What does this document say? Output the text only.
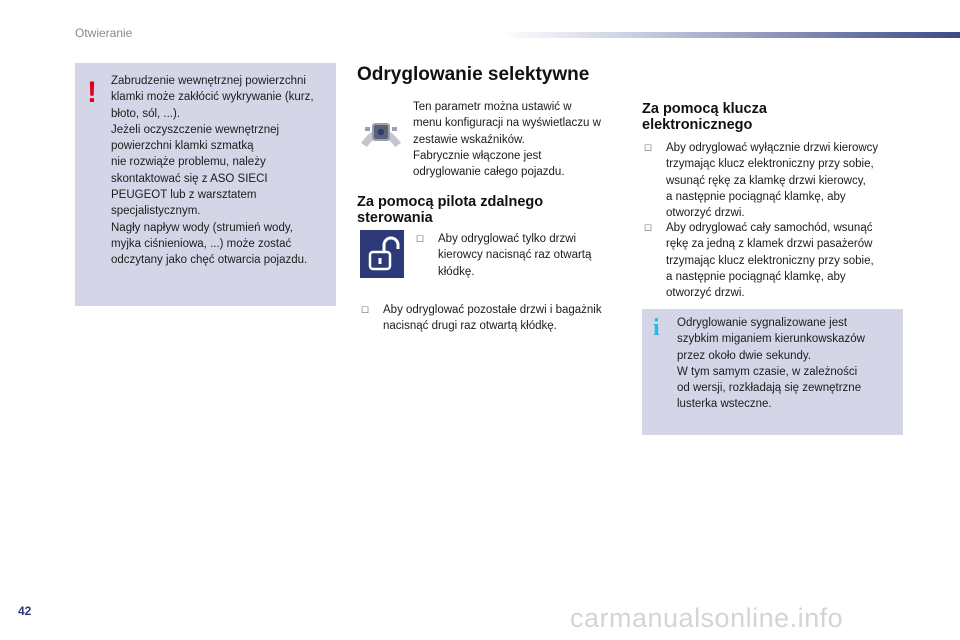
Otwieranie
! Zabrudzenie wewnętrznej powierzchni
klamki może zakłócić wykrywanie (kurz,
błoto, sól, ...).
Jeżeli oczyszczenie wewnętrznej
powierzchni klamki szmatką
nie rozwiąże problemu, należy
skontaktować się z ASO SIECI
PEUGEOT lub z warsztatem
specjalistycznym.
Nagły napływ wody (strumień wody,
myjka ciśnieniowa, ...) może zostać
odczytany jako chęć otwarcia pojazdu.
Odryglowanie selektywne
Ten parametr można ustawić w
menu konfiguracji na wyświetlaczu w
zestawie wskaźników.
Fabrycznie włączone jest
odryglowanie całego pojazdu.
Za pomocą pilota zdalnego
sterowania
☐ Aby odryglować tylko drzwi
kierowcy nacisnąć raz otwartą
kłódkę.
☐ Aby odryglować pozostałe drzwi i bagażnik
nacisnąć drugi raz otwartą kłódkę.
Za pomocą klucza
elektronicznego
☐ Aby odryglować wyłącznie drzwi kierowcy
trzymając klucz elektroniczny przy sobie,
wsunąć rękę za klamkę drzwi kierowcy,
a następnie pociągnąć klamkę, aby
otworzyć drzwi.
☐ Aby odryglować cały samochód, wsunąć
rękę za jedną z klamek drzwi pasażerów
trzymając klucz elektroniczny przy sobie,
a następnie pociągnąć klamkę, aby
otworzyć drzwi.
i Odryglowanie sygnalizowane jest
szybkim miganiem kierunkowskazów
przez około dwie sekundy.
W tym samym czasie, w zależności
od wersji, rozkładają się zewnętrzne
lusterka wsteczne.
42	carmanualsonline.info
